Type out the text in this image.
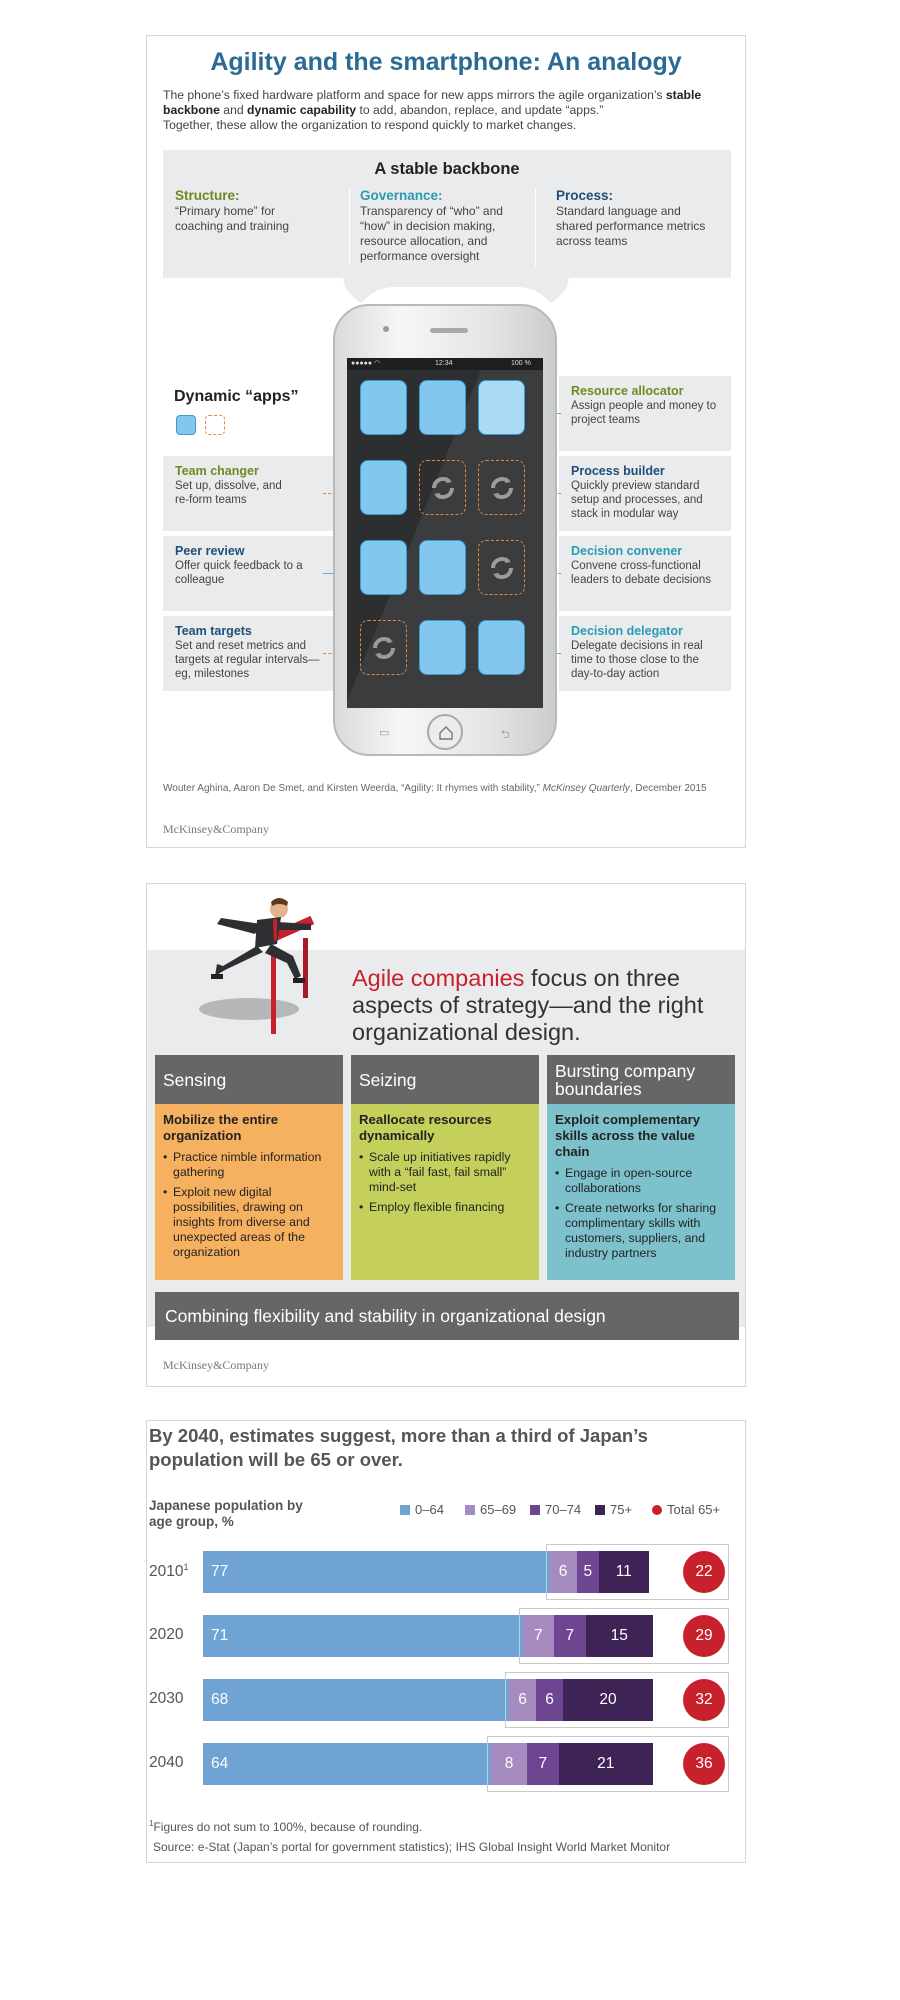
Agility and the smartphone: An analogy
The phone’s fixed hardware platform and space for new apps mirrors the agile organization’s stable backbone and dynamic capability to add, abandon, replace, and update “apps.”
Together, these allow the organization to respond quickly to market changes.
A stable backbone
Structure:
“Primary home” for coaching and training
Governance:
Transparency of “who” and “how” in decision making, resource allocation, and performance oversight
Process:
Standard language and shared performance metrics across teams
Dynamic “apps”
Team changer
Set up, dissolve, and re-form teams
Peer review
Offer quick feedback to a colleague
Team targets
Set and reset metrics and targets at regular intervals—eg, milestones
Resource allocator
Assign people and money to project teams
Process builder
Quickly preview standard setup and processes, and stack in modular way
Decision convener
Convene cross-functional leaders to debate decisions
Decision delegator
Delegate decisions in real time to those close to the day-to-day action
●●●●● ◠	12:34	100 %
▭	⮌
Wouter Aghina, Aaron De Smet, and Kirsten Weerda, “Agility: It rhymes with stability,” McKinsey Quarterly, December 2015
McKinsey&Company
Agile companies focus on three aspects of strategy—and the right organizational design.
Sensing
Mobilize the entire organization
• Practice nimble information gathering
• Exploit new digital possibilities, drawing on insights from diverse and unexpected areas of the organization
Seizing
Reallocate resources dynamically
• Scale up initiatives rapidly with a “fail fast, fail small” mind-set
• Employ flexible financing
Bursting company boundaries
Exploit complementary skills across the value chain
• Engage in open-source collaborations
• Create networks for sharing complimentary skills with customers, suppliers, and industry partners
Combining flexibility and stability in organizational design
McKinsey&Company
By 2040, estimates suggest, more than a third of Japan’s population will be 65 or over.
Japanese population by age group, %
0–64	65–69	70–74	75+	Total 65+
$2010^1$	77	6	5	11	22
2020	71	7	7	15	29
2030	68	6	6	20	32
2040	64	8	7	21	36
$^1$Figures do not sum to 100%, because of rounding.
Source: e-Stat (Japan’s portal for government statistics); IHS Global Insight World Market Monitor
